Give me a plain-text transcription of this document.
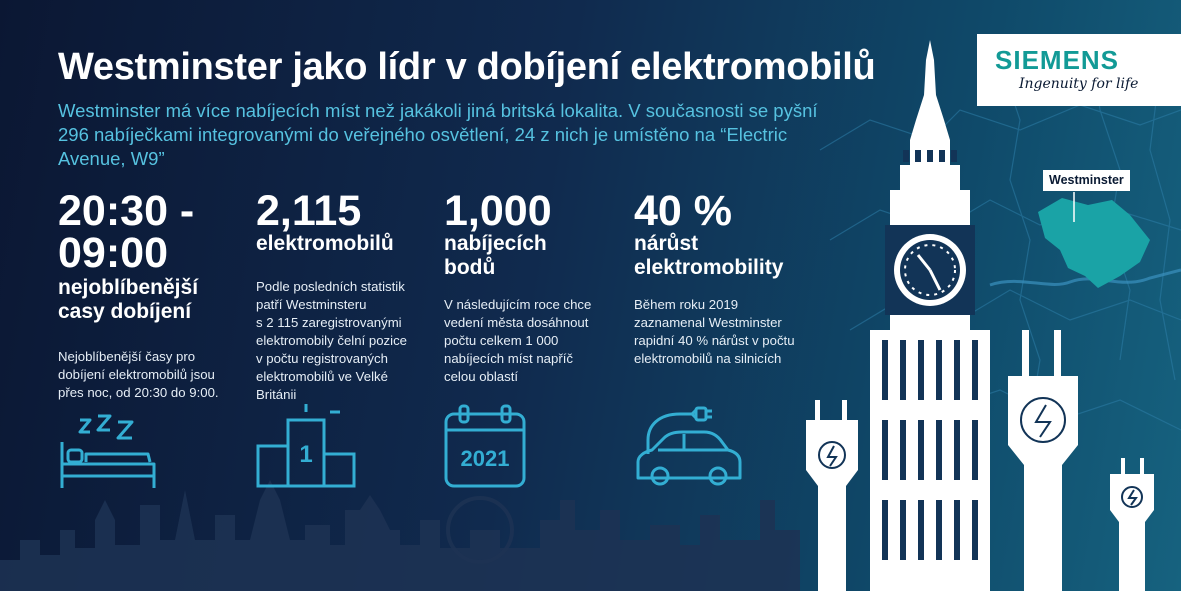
Westminster jako lídr v dobíjení elektromobilů
Westminster má více nabíjecích míst než jakákoli jiná britská lokalita. V současnosti se pyšní 296 nabíječkami integrovanými do veřejného osvětlení, 24 z nich je umístěno na “Electric Avenue, W9”
SIEMENS
Ingenuity for life
Westminster
20:30 -
09:00
nejoblíbenější
casy dobíjení
Nejoblíbenější časy pro
dobíjení elektromobilů jsou
přes noc, od 20:30 do 9:00.
2,115
elektromobilů
Podle posledních statistik
patří Westminsteru
s 2 115 zaregistrovanými
elektromobily čelní pozice
v počtu registrovaných
elektromobilů ve Velké
Británii
1,000
nabíjecích
bodů
V následujícím roce chce
vedení města dosáhnout
počtu celkem 1 000
nabíjecích míst napříč
celou oblastí
40 %
nárůst
elektromobility
Během roku 2019
zaznamenal Westminster
rapidní 40 % nárůst v počtu
elektromobilů na silnicích
1	2021
